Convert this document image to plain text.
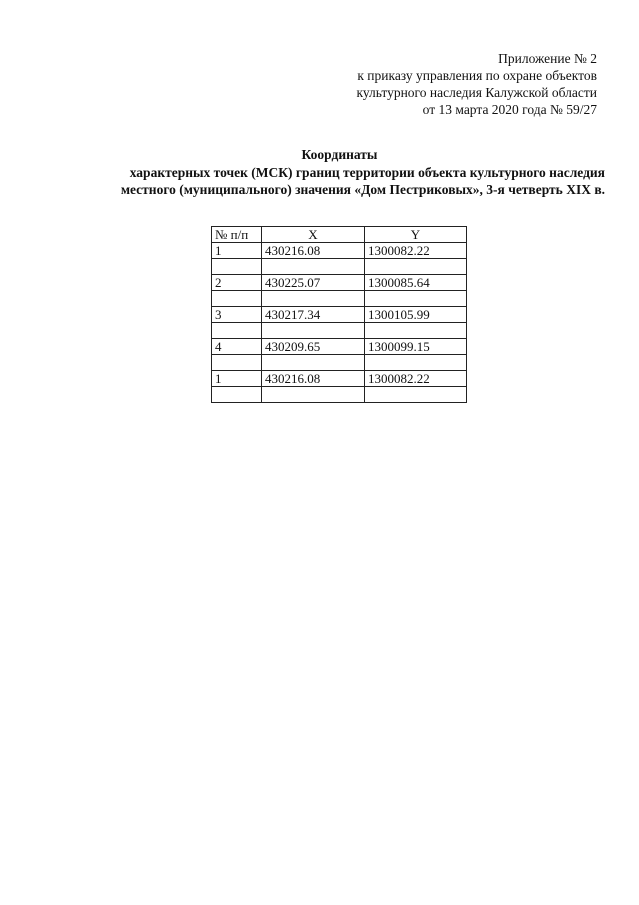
Приложение № 2
к приказу управления по охране объектов
культурного наследия Калужской области
от 13 марта 2020 года № 59/27
Координаты
характерных точек (МСК) границ территории объекта культурного наследия
местного (муниципального) значения «Дом Пестриковых», 3-я четверть XIX в.
№ п/п	X	Y
1	430216.08	1300082.22

2	430225.07	1300085.64

3	430217.34	1300105.99

4	430209.65	1300099.15

1	430216.08	1300082.22
